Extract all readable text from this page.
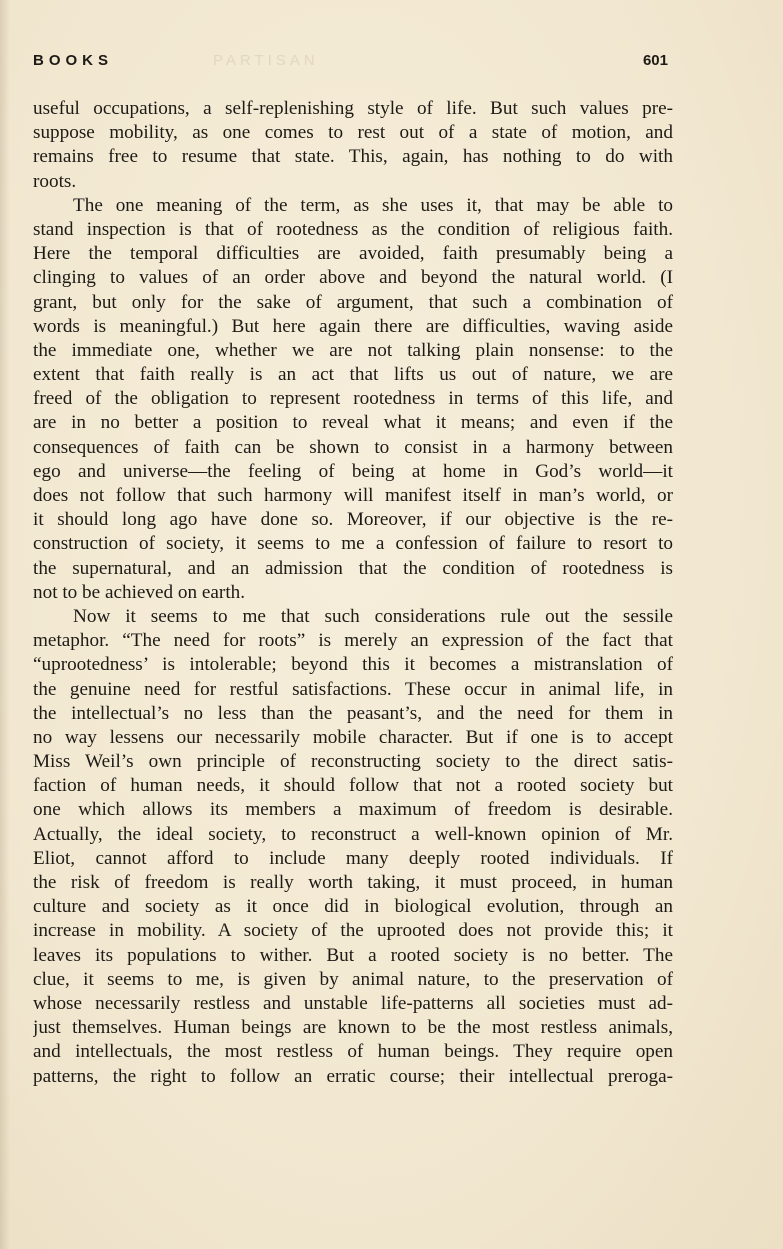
BOOKS	PARTISAN	601
useful occupations, a self-replenishing style of life. But such values pre-
suppose mobility, as one comes to rest out of a state of motion, and
remains free to resume that state. This, again, has nothing to do with
roots.
The one meaning of the term, as she uses it, that may be able to
stand inspection is that of rootedness as the condition of religious faith.
Here the temporal difficulties are avoided, faith presumably being a
clinging to values of an order above and beyond the natural world. (I
grant, but only for the sake of argument, that such a combination of
words is meaningful.) But here again there are difficulties, waving aside
the immediate one, whether we are not talking plain nonsense: to the
extent that faith really is an act that lifts us out of nature, we are
freed of the obligation to represent rootedness in terms of this life, and
are in no better a position to reveal what it means; and even if the
consequences of faith can be shown to consist in a harmony between
ego and universe—the feeling of being at home in God’s world—it
does not follow that such harmony will manifest itself in man’s world, or
it should long ago have done so. Moreover, if our objective is the re-
construction of society, it seems to me a confession of failure to resort to
the supernatural, and an admission that the condition of rootedness is
not to be achieved on earth.
Now it seems to me that such considerations rule out the sessile
metaphor. “The need for roots” is merely an expression of the fact that
“uprootedness’ is intolerable; beyond this it becomes a mistranslation of
the genuine need for restful satisfactions. These occur in animal life, in
the intellectual’s no less than the peasant’s, and the need for them in
no way lessens our necessarily mobile character. But if one is to accept
Miss Weil’s own principle of reconstructing society to the direct satis-
faction of human needs, it should follow that not a rooted society but
one which allows its members a maximum of freedom is desirable.
Actually, the ideal society, to reconstruct a well-known opinion of Mr.
Eliot, cannot afford to include many deeply rooted individuals. If
the risk of freedom is really worth taking, it must proceed, in human
culture and society as it once did in biological evolution, through an
increase in mobility. A society of the uprooted does not provide this; it
leaves its populations to wither. But a rooted society is no better. The
clue, it seems to me, is given by animal nature, to the preservation of
whose necessarily restless and unstable life-patterns all societies must ad-
just themselves. Human beings are known to be the most restless animals,
and intellectuals, the most restless of human beings. They require open
patterns, the right to follow an erratic course; their intellectual preroga-
